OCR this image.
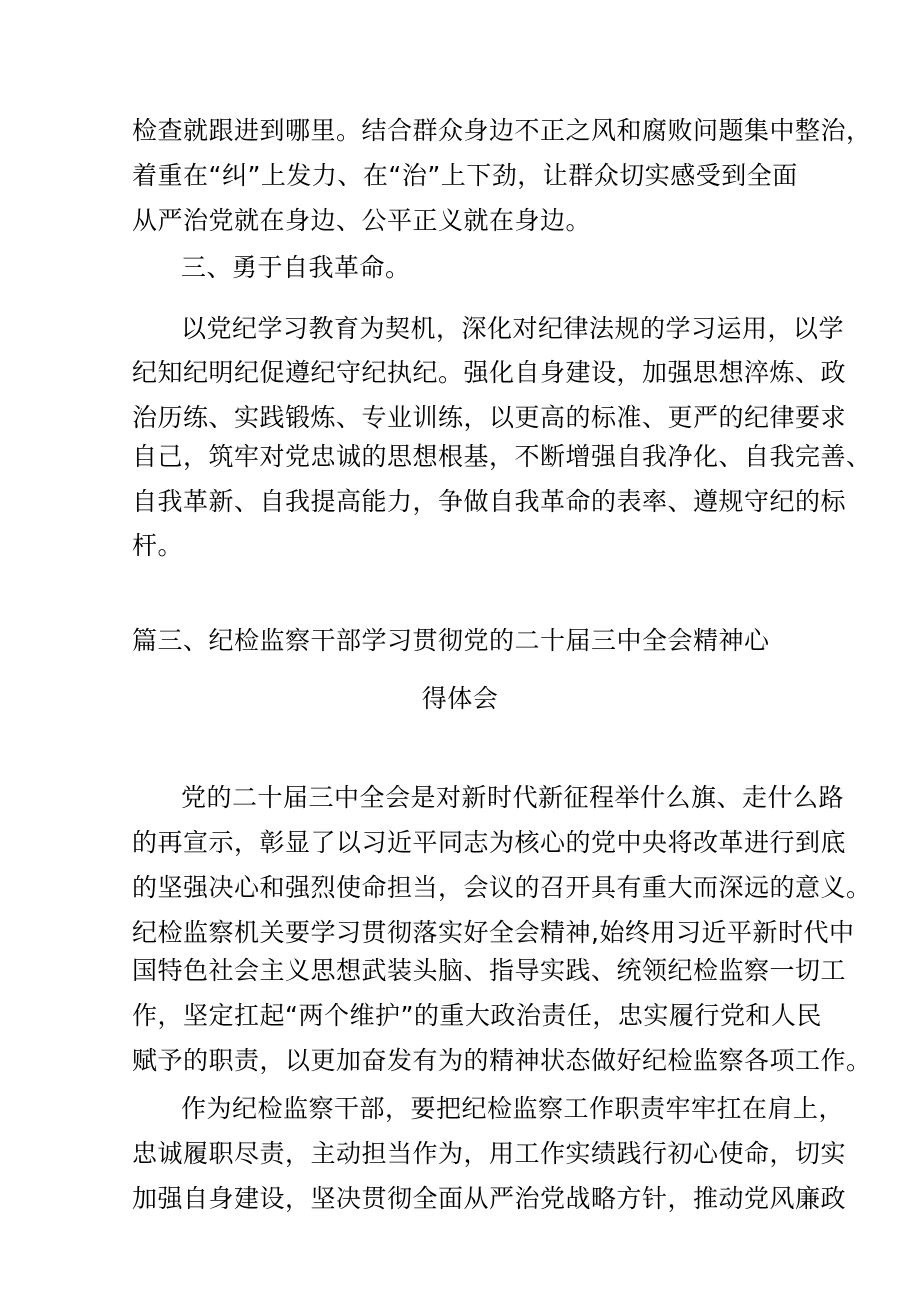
检查就跟进到哪里。结合群众身边不正之风和腐败问题集中整治，
着重在“纠”上发力、在“治”上下劲，让群众切实感受到全面
从严治党就在身边、公平正义就在身边。
三、勇于自我革命。
以党纪学习教育为契机，深化对纪律法规的学习运用，以学
纪知纪明纪促遵纪守纪执纪。强化自身建设，加强思想淬炼、政
治历练、实践锻炼、专业训练，以更高的标准、更严的纪律要求
自己，筑牢对党忠诚的思想根基，不断增强自我净化、自我完善、
自我革新、自我提高能力，争做自我革命的表率、遵规守纪的标
杆。
篇三、纪检监察干部学习贯彻党的二十届三中全会精神心
得体会
党的二十届三中全会是对新时代新征程举什么旗、走什么路
的再宣示，彰显了以习近平同志为核心的党中央将改革进行到底
的坚强决心和强烈使命担当，会议的召开具有重大而深远的意义。
纪检监察机关要学习贯彻落实好全会精神,始终用习近平新时代中
国特色社会主义思想武装头脑、指导实践、统领纪检监察一切工
作，坚定扛起“两个维护”的重大政治责任，忠实履行党和人民
赋予的职责，以更加奋发有为的精神状态做好纪检监察各项工作。
作为纪检监察干部，要把纪检监察工作职责牢牢扛在肩上，
忠诚履职尽责，主动担当作为，用工作实绩践行初心使命，切实
加强自身建设，坚决贯彻全面从严治党战略方针，推动党风廉政
